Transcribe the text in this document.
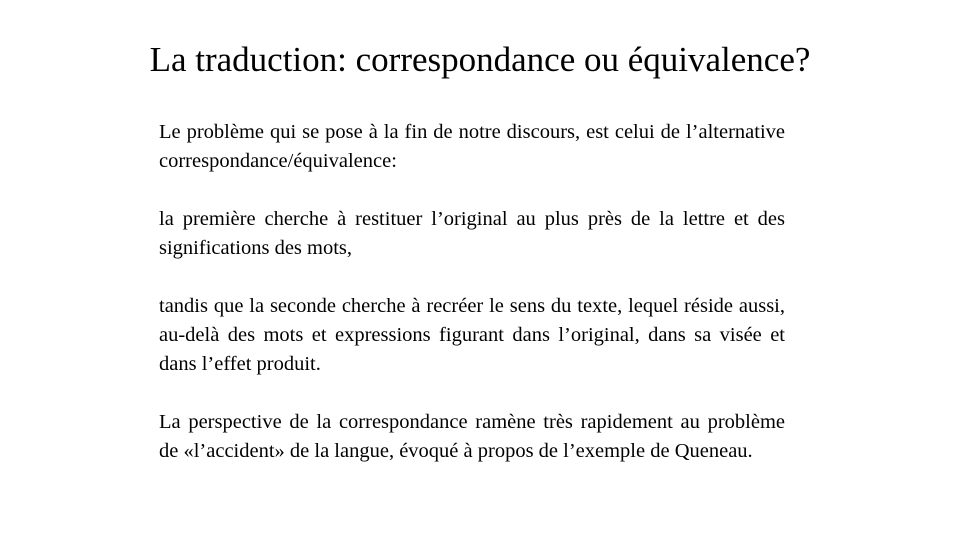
La traduction: correspondance ou équivalence?

Le problème qui se pose à la fin de notre discours, est celui de l’alternative correspondance/équivalence:

la première cherche à restituer l’original au plus près de la lettre et des significations des mots,

tandis que la seconde cherche à recréer le sens du texte, lequel réside aussi, au-delà des mots et expressions figurant dans l’original, dans sa visée et dans l’effet produit.

La perspective de la correspondance ramène très rapidement au problème de «l’accident» de la langue, évoqué à propos de l’exemple de Queneau.
